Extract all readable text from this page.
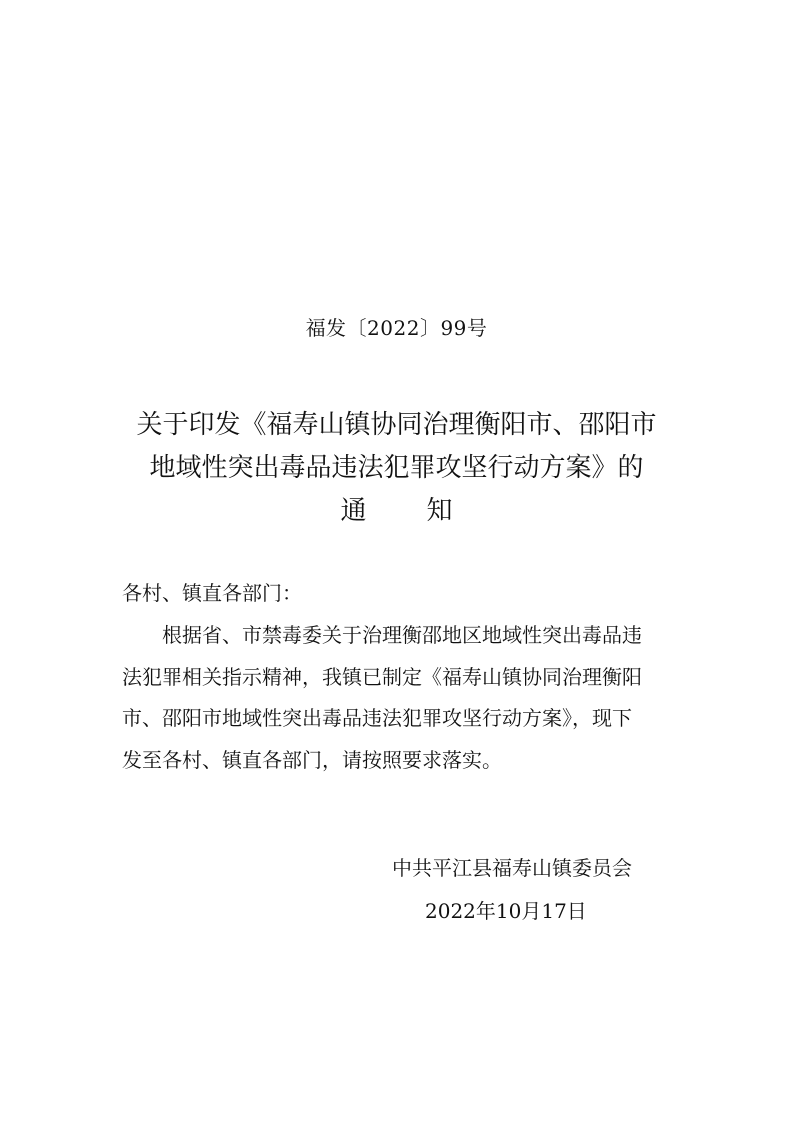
福发〔2022〕99号
关于印发《福寿山镇协同治理衡阳市、邵阳市
地域性突出毒品违法犯罪攻坚行动方案》的
通知
各村、镇直各部门：
根据省、市禁毒委关于治理衡邵地区地域性突出毒品违
法犯罪相关指示精神，我镇已制定《福寿山镇协同治理衡阳
市、邵阳市地域性突出毒品违法犯罪攻坚行动方案》，现下
发至各村、镇直各部门，请按照要求落实。
中共平江县福寿山镇委员会
2022年10月17日
